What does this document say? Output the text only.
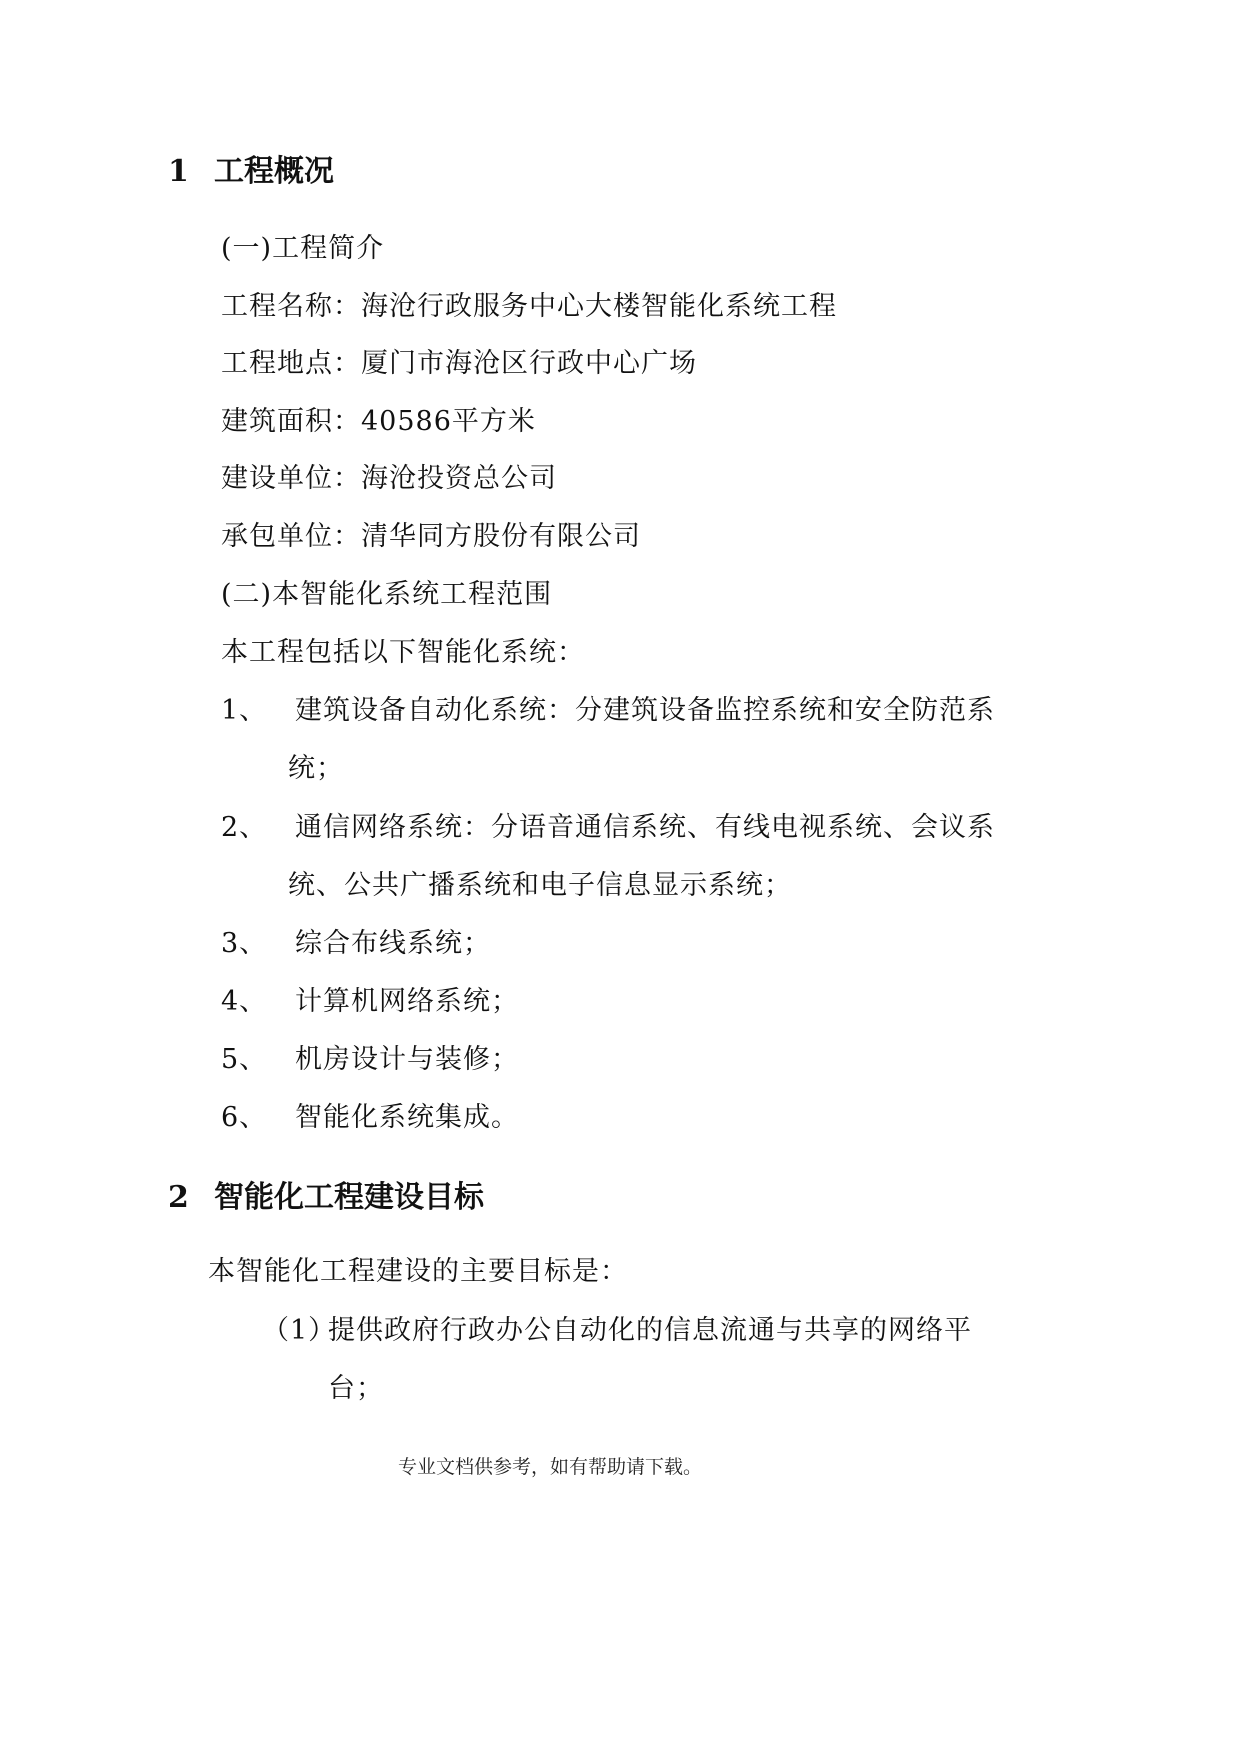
1 工程概况
(一)工程简介
工程名称：海沧行政服务中心大楼智能化系统工程
工程地点：厦门市海沧区行政中心广场
建筑面积：40586平方米
建设单位：海沧投资总公司
承包单位：清华同方股份有限公司
(二)本智能化系统工程范围
本工程包括以下智能化系统：
1、 建筑设备自动化系统：分建筑设备监控系统和安全防范系
统；
2、 通信网络系统：分语音通信系统、有线电视系统、会议系
统、公共广播系统和电子信息显示系统；
3、 综合布线系统；
4、 计算机网络系统；
5、 机房设计与装修；
6、 智能化系统集成。
2 智能化工程建设目标
本智能化工程建设的主要目标是：
（1）提供政府行政办公自动化的信息流通与共享的网络平
台；
专业文档供参考，如有帮助请下载。
